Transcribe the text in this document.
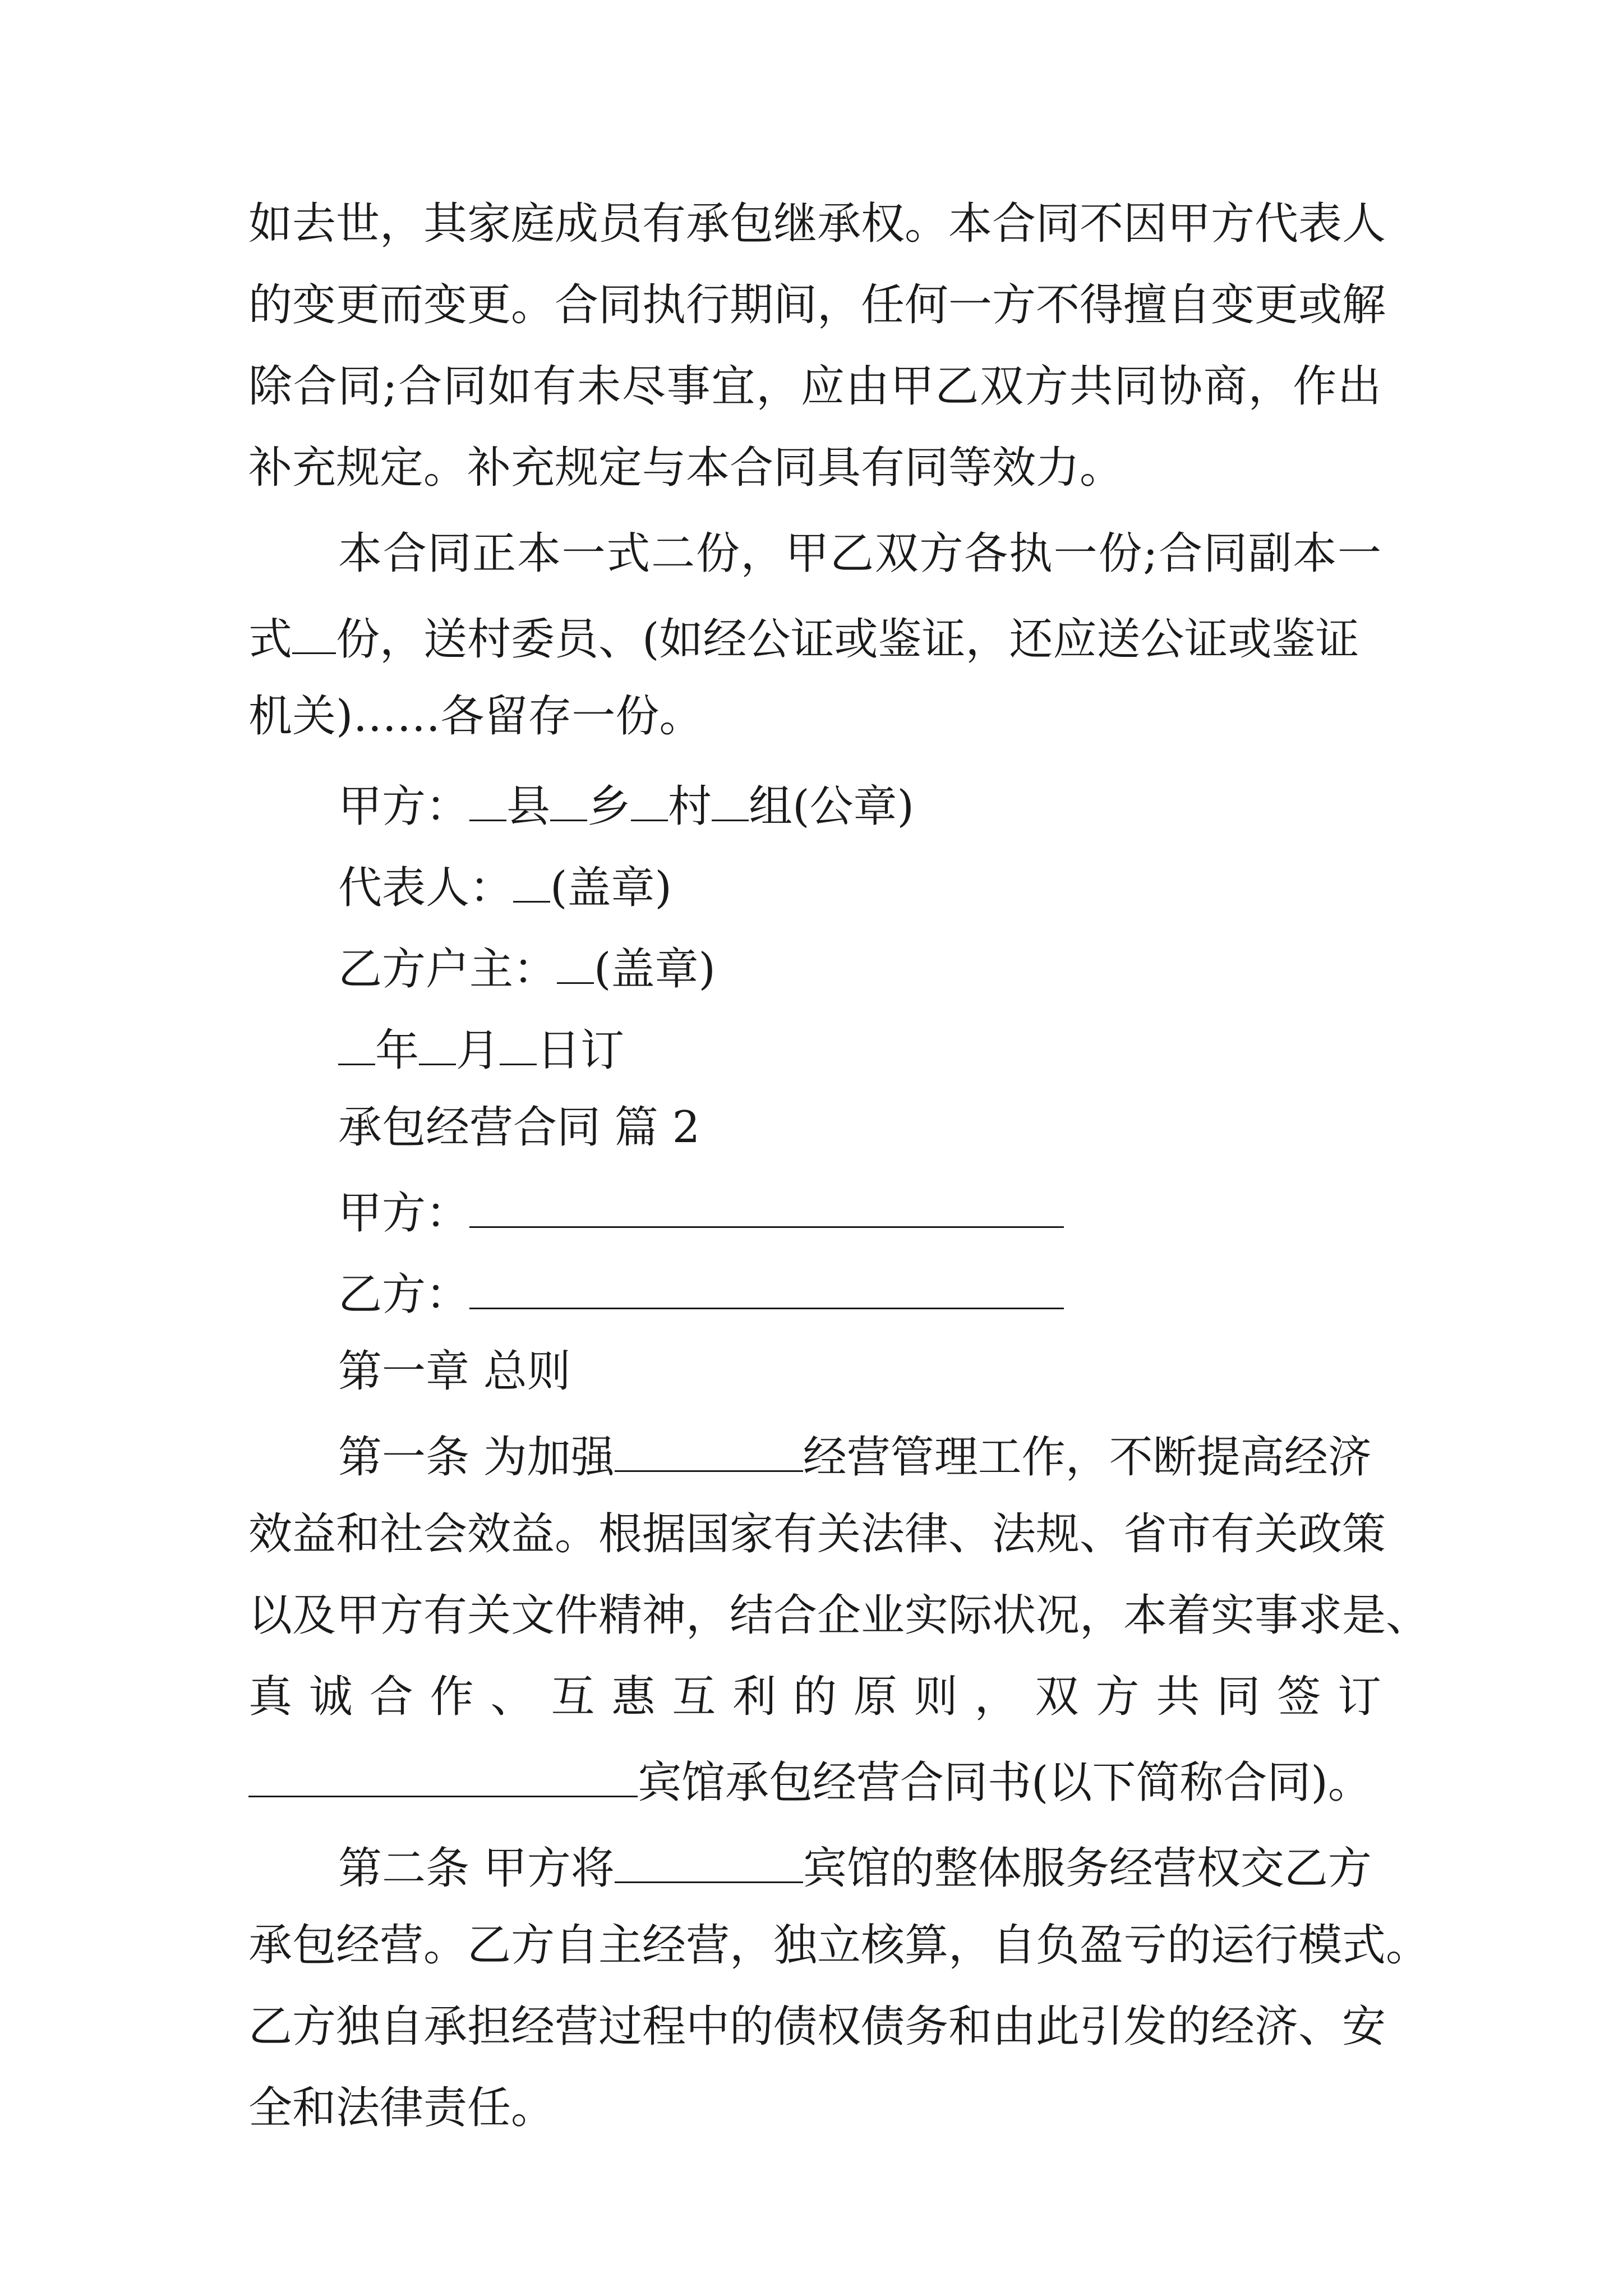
如去世，其家庭成员有承包继承权。本合同不因甲方代表人
的变更而变更。合同执行期间，任何一方不得擅自变更或解
除合同;合同如有未尽事宜，应由甲乙双方共同协商，作出
补充规定。补充规定与本合同具有同等效力。
本合同正本一式二份，甲乙双方各执一份;合同副本一
式 份，送村委员、(如经公证或鉴证，还应送公证或鉴证
机关)……各留存一份。
甲方： 县 乡 村 组(公章)
代表人： (盖章)
乙方户主： (盖章)
年 月 日订
承包经营合同 篇 2
甲方：
乙方：
第一章 总则
第一条 为加强	经营管理工作，不断提高经济
效益和社会效益。根据国家有关法律、法规、省市有关政策
以及甲方有关文件精神，结合企业实际状况，本着实事求是、
真诚合作、互惠互利的原则，双方共同签订
宾馆承包经营合同书(以下简称合同)。
第二条 甲方将	宾馆的整体服务经营权交乙方
承包经营。乙方自主经营，独立核算，自负盈亏的运行模式。
乙方独自承担经营过程中的债权债务和由此引发的经济、安
全和法律责任。
